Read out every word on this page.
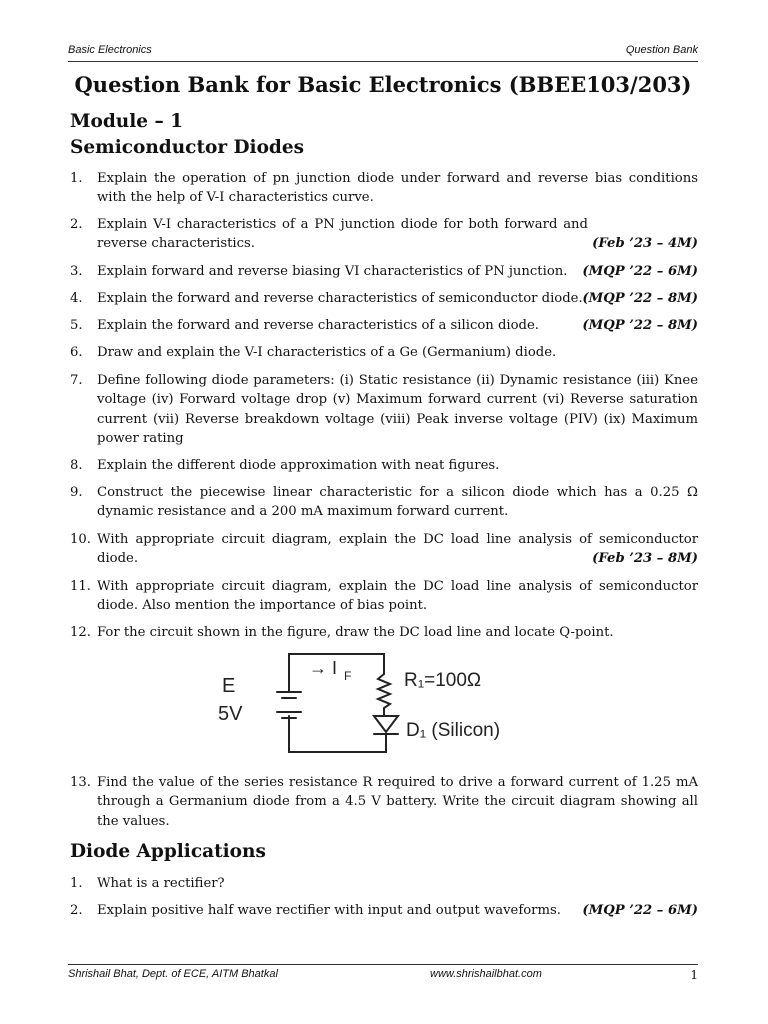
Basic Electronics	Question Bank
Question Bank for Basic Electronics (BBEE103/203)
Module – 1
Semiconductor Diodes
1. Explain the operation of pn junction diode under forward and reverse bias conditions with the help of V-I characteristics curve.
2. Explain V-I characteristics of a PN junction diode for both forward and reverse characteristics.	(Feb ’23 – 4M)
3. Explain forward and reverse biasing VI characteristics of PN junction.	(MQP ’22 – 6M)
4. Explain the forward and reverse characteristics of semiconductor diode. (MQP ’22 – 8M)
5. Explain the forward and reverse characteristics of a silicon diode.	(MQP ’22 – 8M)
6. Draw and explain the V-I characteristics of a Ge (Germanium) diode.
7. Define following diode parameters: (i) Static resistance (ii) Dynamic resistance (iii) Knee voltage (iv) Forward voltage drop (v) Maximum forward current (vi) Reverse saturation current (vii) Reverse breakdown voltage (viii) Peak inverse voltage (PIV) (ix) Maximum power rating
8. Explain the different diode approximation with neat figures.
9. Construct the piecewise linear characteristic for a silicon diode which has a 0.25 Ω dynamic resistance and a 200 mA maximum forward current.
10. With appropriate circuit diagram, explain the DC load line analysis of semiconductor diode.	(Feb ’23 – 8M)
11. With appropriate circuit diagram, explain the DC load line analysis of semiconductor diode. Also mention the importance of bias point.
12. For the circuit shown in the figure, draw the DC load line and locate Q-point.
E
5V
→ I F	R₁=100Ω
D₁ (Silicon)
13. Find the value of the series resistance R required to drive a forward current of 1.25 mA through a Germanium diode from a 4.5 V battery. Write the circuit diagram showing all the values.
Diode Applications
1. What is a rectifier?
2. Explain positive half wave rectifier with input and output waveforms.	(MQP ’22 – 6M)
Shrishail Bhat, Dept. of ECE, AITM Bhatkal	www.shrishailbhat.com	1
